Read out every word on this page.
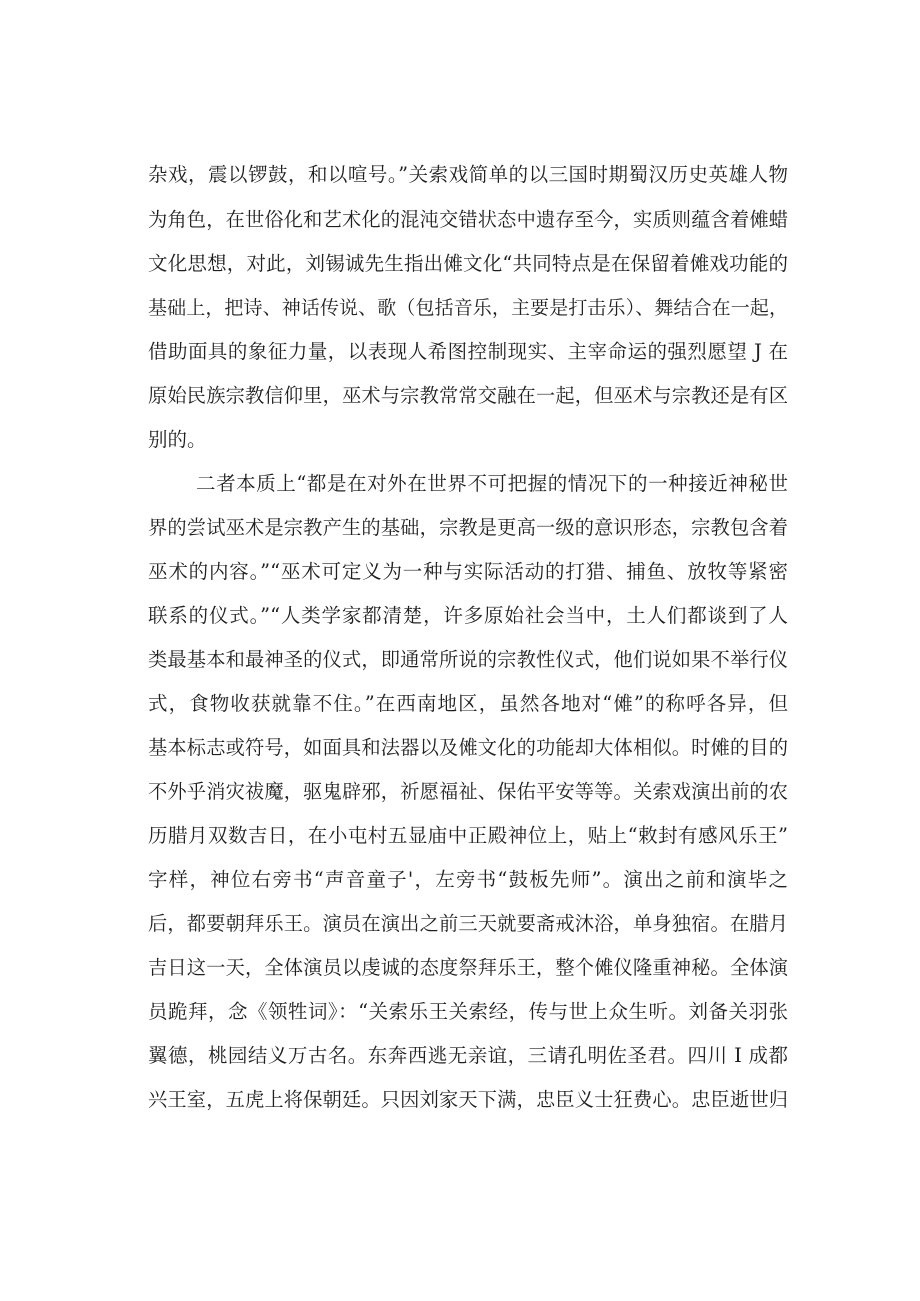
杂戏，震以锣鼓，和以喧号。”关索戏简单的以三国时期蜀汉历史英雄人物
为角色，在世俗化和艺术化的混沌交错状态中遗存至今，实质则蕴含着傩蜡
文化思想，对此，刘锡诚先生指出傩文化“共同特点是在保留着傩戏功能的
基础上，把诗、神话传说、歌（包括音乐，主要是打击乐）、舞结合在一起，
借助面具的象征力量，以表现人希图控制现实、主宰命运的强烈愿望 J 在
原始民族宗教信仰里，巫术与宗教常常交融在一起，但巫术与宗教还是有区
别的。
二者本质上“都是在对外在世界不可把握的情况下的一种接近神秘世
界的尝试巫术是宗教产生的基础，宗教是更高一级的意识形态，宗教包含着
巫术的内容。”“巫术可定义为一种与实际活动的打猎、捕鱼、放牧等紧密
联系的仪式。”“人类学家都清楚，许多原始社会当中，土人们都谈到了人
类最基本和最神圣的仪式，即通常所说的宗教性仪式，他们说如果不举行仪
式，食物收获就靠不住。”在西南地区，虽然各地对“傩”的称呼各异，但
基本标志或符号，如面具和法器以及傩文化的功能却大体相似。时傩的目的
不外乎消灾祓魔，驱鬼辟邪，祈愿福祉、保佑平安等等。关索戏演出前的农
历腊月双数吉日，在小屯村五显庙中正殿神位上，贴上“敕封有感风乐王”
字样，神位右旁书“声音童子'，左旁书“鼓板先师”。演出之前和演毕之
后，都要朝拜乐王。演员在演出之前三天就要斋戒沐浴，单身独宿。在腊月
吉日这一天，全体演员以虔诚的态度祭拜乐王，整个傩仪隆重神秘。全体演
员跪拜，念《领牲词》：“关索乐王关索经，传与世上众生听。刘备关羽张
翼德，桃园结义万古名。东奔西逃无亲谊，三请孔明佐圣君。四川 I 成都
兴王室，五虎上将保朝廷。只因刘家天下满，忠臣义士狂费心。忠臣逝世归
